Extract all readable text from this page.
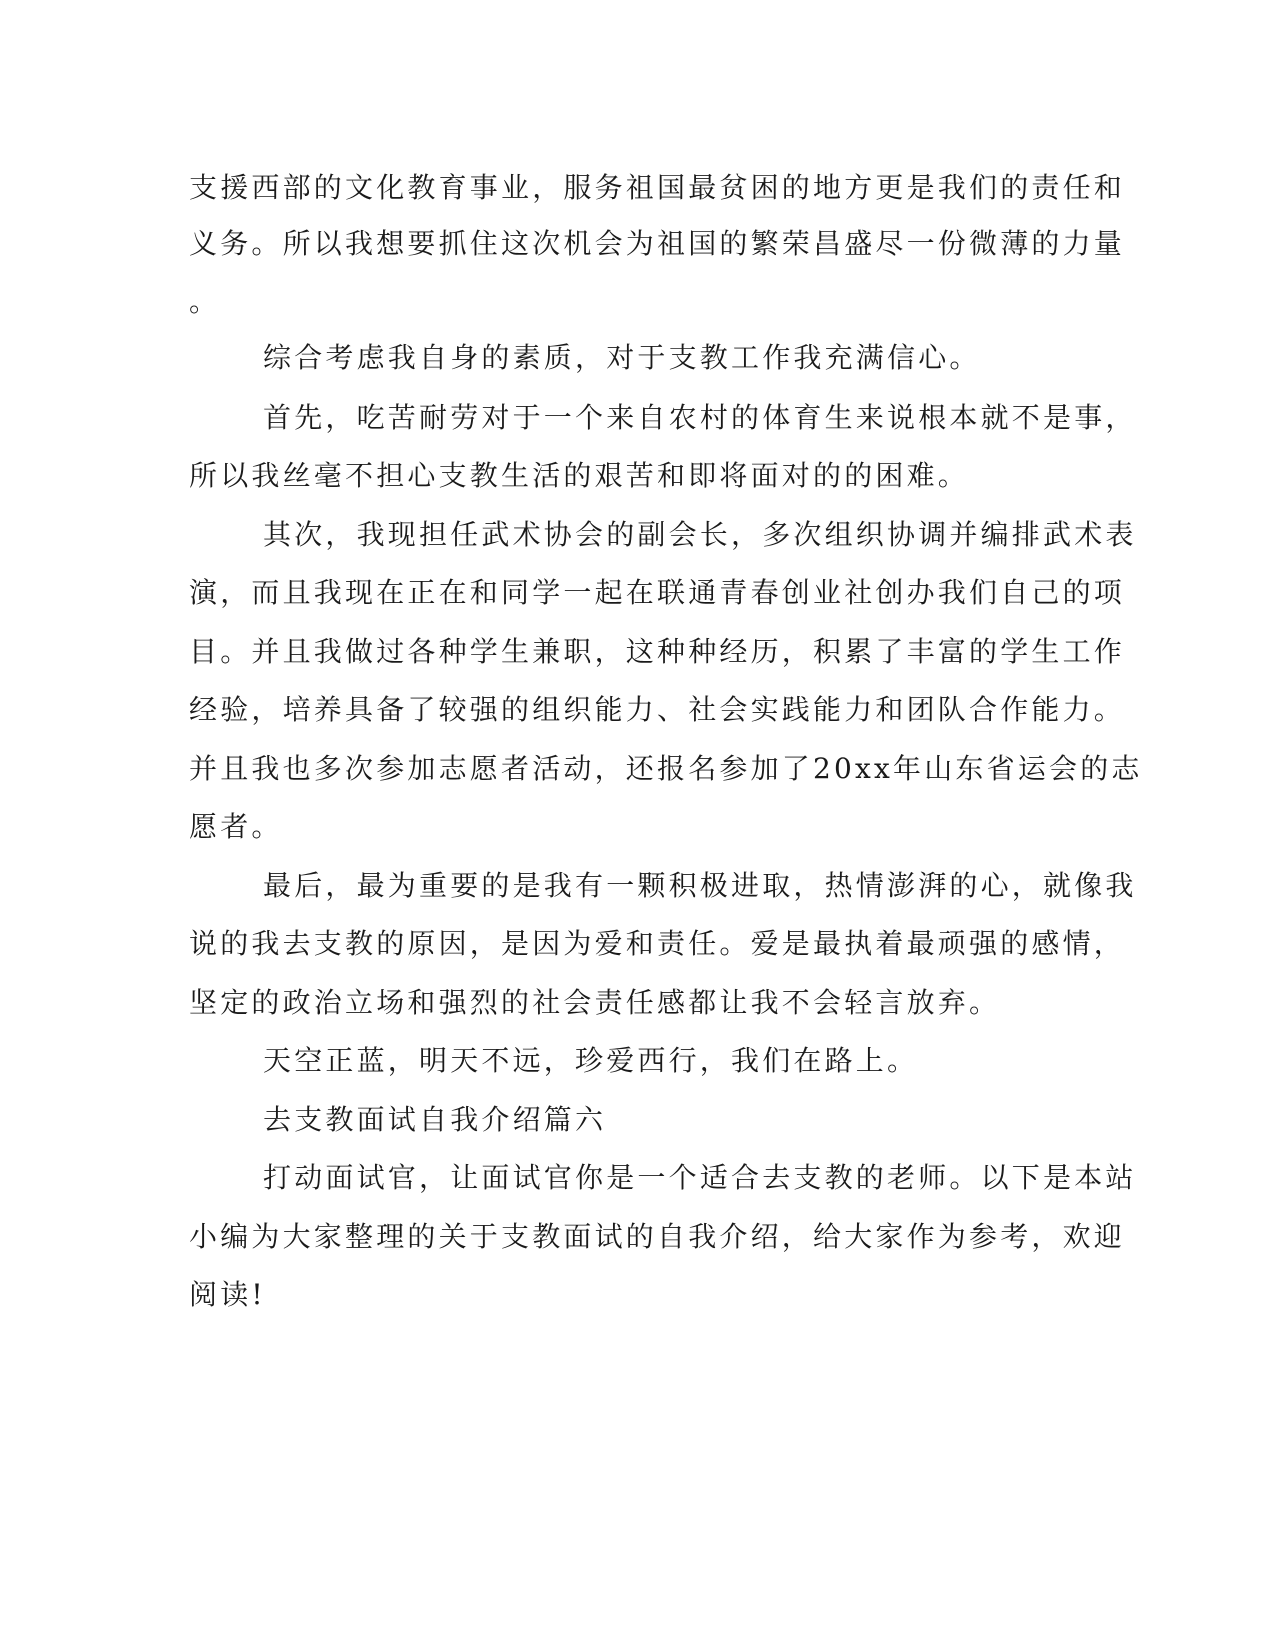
支援西部的文化教育事业，服务祖国最贫困的地方更是我们的责任和
义务。所以我想要抓住这次机会为祖国的繁荣昌盛尽一份微薄的力量
。
综合考虑我自身的素质，对于支教工作我充满信心。
首先，吃苦耐劳对于一个来自农村的体育生来说根本就不是事，
所以我丝毫不担心支教生活的艰苦和即将面对的的困难。
其次，我现担任武术协会的副会长，多次组织协调并编排武术表
演，而且我现在正在和同学一起在联通青春创业社创办我们自己的项
目。并且我做过各种学生兼职，这种种经历，积累了丰富的学生工作
经验，培养具备了较强的组织能力、社会实践能力和团队合作能力。
并且我也多次参加志愿者活动，还报名参加了20xx年山东省运会的志
愿者。
最后，最为重要的是我有一颗积极进取，热情澎湃的心，就像我
说的我去支教的原因，是因为爱和责任。爱是最执着最顽强的感情，
坚定的政治立场和强烈的社会责任感都让我不会轻言放弃。
天空正蓝，明天不远，珍爱西行，我们在路上。
去支教面试自我介绍篇六
打动面试官，让面试官你是一个适合去支教的老师。以下是本站
小编为大家整理的关于支教面试的自我介绍，给大家作为参考，欢迎
阅读!
